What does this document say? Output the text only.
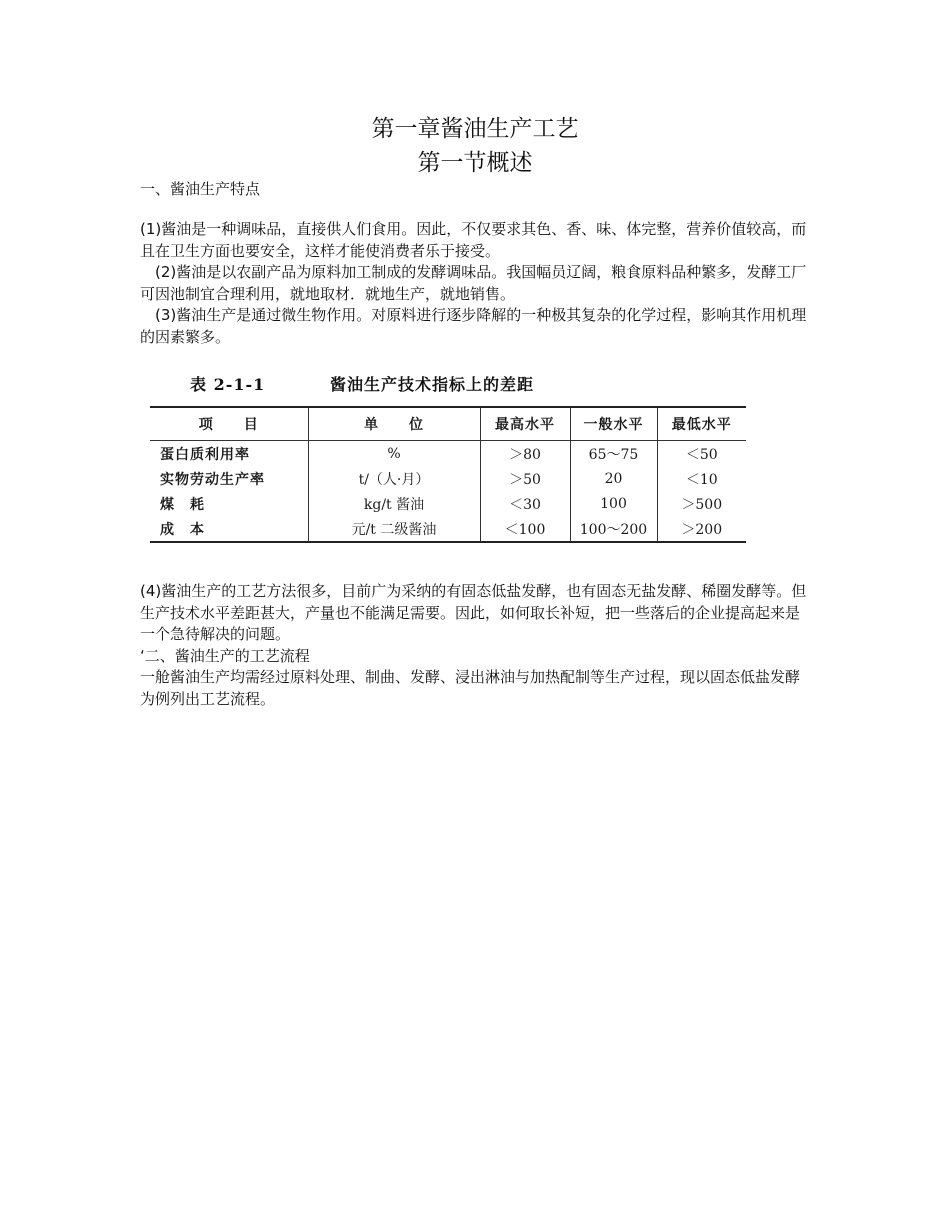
第一章酱油生产工艺
第一节概述
一、酱油生产特点

(1)酱油是一种调味品，直接供人们食用。因此，不仅要求其色、香、味、体完整，营养价值较高，而且在卫生方面也要安全，这样才能使消费者乐于接受。

　(2)酱油是以农副产品为原料加工制成的发酵调味品。我国幅员辽阔，粮食原料品种繁多，发酵工厂可因池制宜合理利用，就地取材．就地生产，就地销售。

　(3)酱油生产是通过微生物作用。对原料进行逐步降解的一种极其复杂的化学过程，影响其作用机理的因素繁多。

表 2-1-1	酱油生产技术指标上的差距
项　　目	单　　位	最高水平	一般水平	最低水平
蛋白质利用率	%	＞80	65～75	＜50
实物劳动生产率	t/（人·月）	＞50	20	＜10
煤　耗	kg/t 酱油	＜30	100	＞500
成　本	元/t 二级酱油	＜100	100～200	＞200

(4)酱油生产的工艺方法很多，目前广为采纳的有固态低盐发酵，也有固态无盐发酵、稀圈发酵等。但生产技术水平差距甚大，产量也不能满足需要。因此，如何取长补短，把一些落后的企业提高起来是一个急待解决的问题。

‘二、酱油生产的工艺流程

一舱酱油生产均需经过原料处理、制曲、发酵、浸出淋油与加热配制等生产过程，现以固态低盐发酵为例列出工艺流程。
